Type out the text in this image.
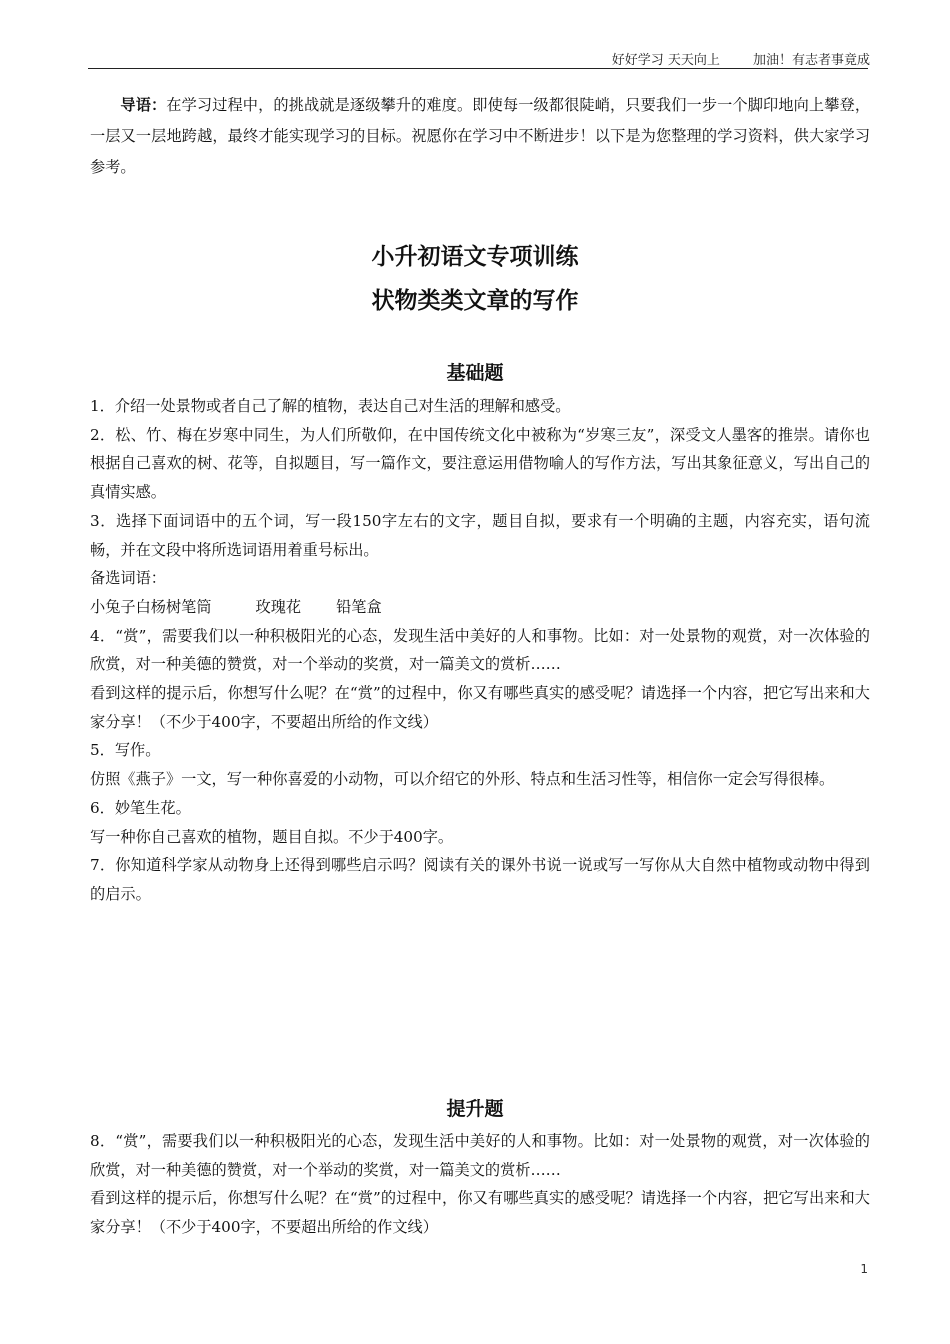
好好学习 天天向上	加油！有志者事竟成
导语：在学习过程中，的挑战就是逐级攀升的难度。即使每一级都很陡峭，只要我们一步一个脚印地向上攀登，一层又一层地跨越，最终才能实现学习的目标。祝愿你在学习中不断进步！以下是为您整理的学习资料，供大家学习参考。
小升初语文专项训练
状物类类文章的写作
基础题

1．介绍一处景物或者自己了解的植物，表达自己对生活的理解和感受。

2．松、竹、梅在岁寒中同生，为人们所敬仰，在中国传统文化中被称为“岁寒三友”，深受文人墨客的推崇。请你也根据自己喜欢的树、花等，自拟题目，写一篇作文，要注意运用借物喻人的写作方法，写出其象征意义，写出自己的真情实感。

3．选择下面词语中的五个词，写一段150字左右的文字，题目自拟，要求有一个明确的主题，内容充实，语句流畅，并在文段中将所选词语用着重号标出。

备选词语：

小兔子白杨树笔筒	玫瑰花 铅笔盒

4．“赏”，需要我们以一种积极阳光的心态，发现生活中美好的人和事物。比如：对一处景物的观赏，对一次体验的欣赏，对一种美德的赞赏，对一个举动的奖赏，对一篇美文的赏析……

看到这样的提示后，你想写什么呢？在“赏”的过程中，你又有哪些真实的感受呢？请选择一个内容，把它写出来和大家分享！（不少于400字，不要超出所给的作文线）

5．写作。

仿照《燕子》一文，写一种你喜爱的小动物，可以介绍它的外形、特点和生活习性等，相信你一定会写得很棒。

6．妙笔生花。

写一种你自己喜欢的植物，题目自拟。不少于400字。

7．你知道科学家从动物身上还得到哪些启示吗？阅读有关的课外书说一说或写一写你从大自然中植物或动物中得到的启示。

提升题

8．“赏”，需要我们以一种积极阳光的心态，发现生活中美好的人和事物。比如：对一处景物的观赏，对一次体验的欣赏，对一种美德的赞赏，对一个举动的奖赏，对一篇美文的赏析……

看到这样的提示后，你想写什么呢？在“赏”的过程中，你又有哪些真实的感受呢？请选择一个内容，把它写出来和大家分享！（不少于400字，不要超出所给的作文线）

1
